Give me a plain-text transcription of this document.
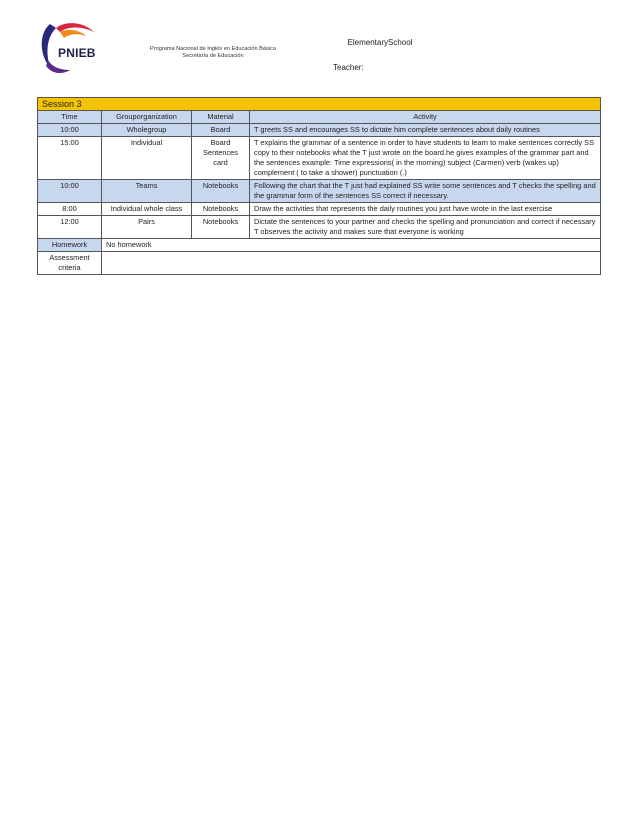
PNIEB	Programa Nacional de Inglés en Educación Básica
Secretaría de Educación
ElementarySchool
Teacher:
Session 3			
Time	Grouporganization	Material	Activity
10:00	Wholegroup	Board	T greets SS and encourages SS to dictate him complete sentences about daily routines
15:00	Individual	Board Sentences card	T explains the grammar of a sentence in order to have students to learn to make sentences correctly SS copy to their notebooks what the T just wrote on the board.he gives examples of the grammar part and the sentences example: Time expressions( in the morning) subject (Carmen) verb (wakes up) complement ( to take a shower) punctuation (.)
10:00	Teams	Notebooks	Following the chart that the T just had explained SS write some sentences and T checks the spelling and the grammar form of the sentences SS correct if necessary.
8:00	Individual whole class	Notebooks	Draw the activities that represents the daily routines you just have wrote in the last exercise
12:00	Pairs	Notebooks	Dictate the sentences to your partner and checks the spelling and pronunciation and correct if necessary T observes the activity and makes sure that everyone is working
Homework	No homework		
Assessment criteria			
